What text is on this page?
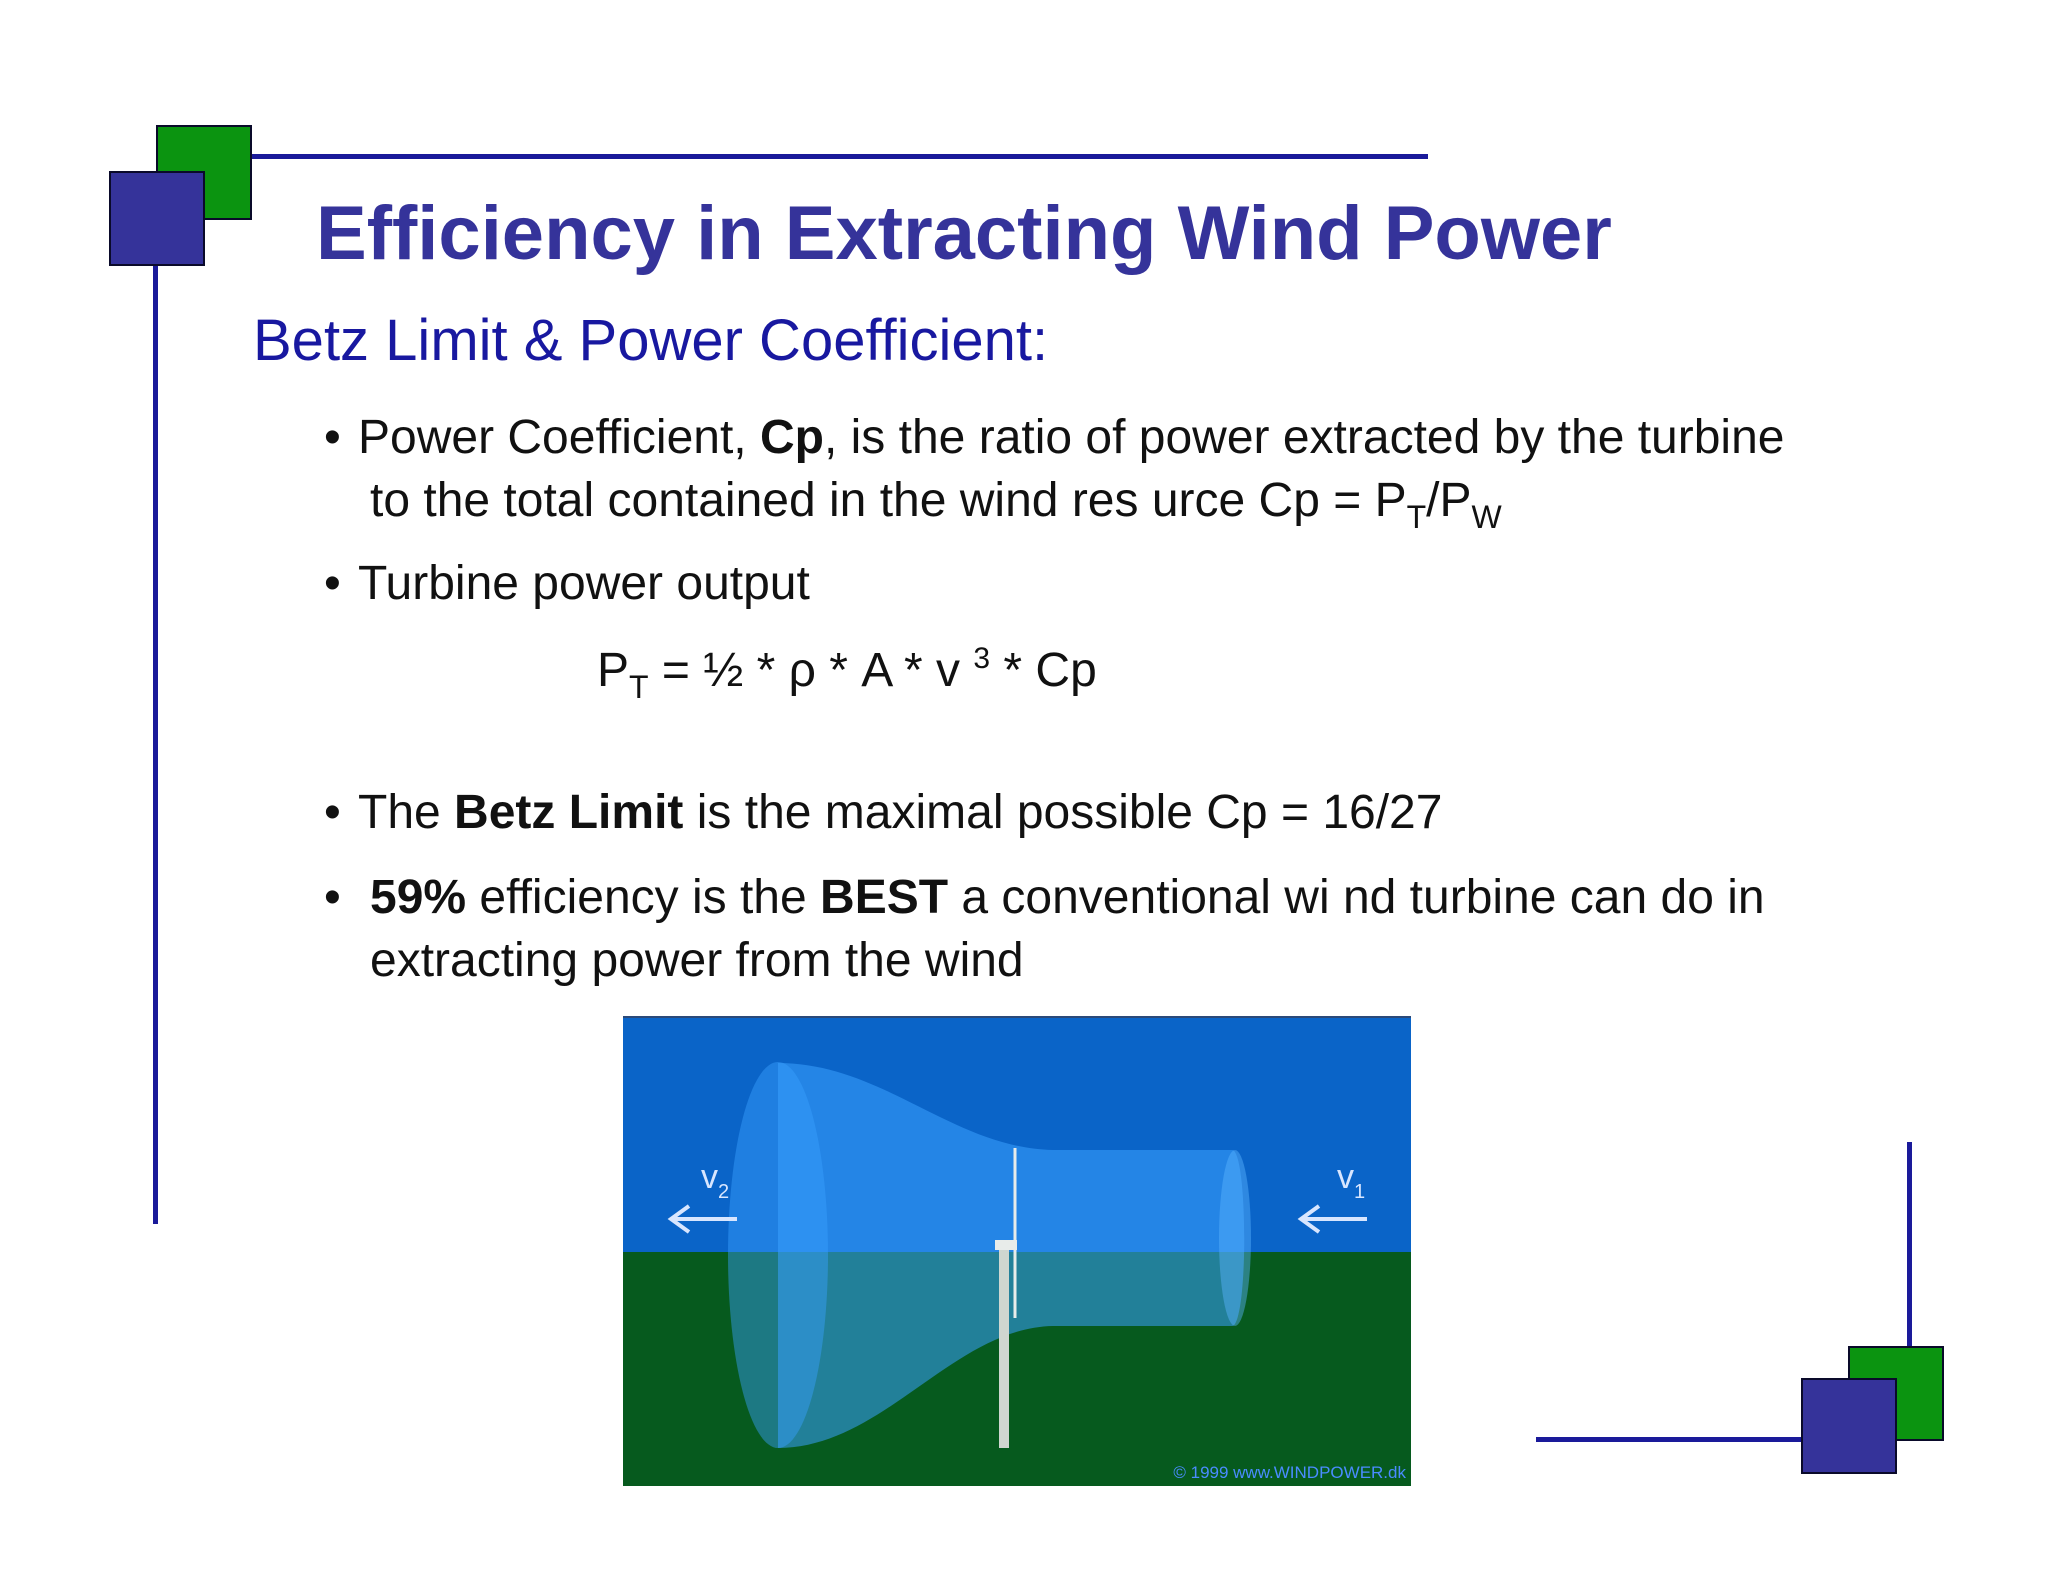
Efficiency in Extracting Wind Power
Betz Limit & Power Coefficient:
• Power Coefficient, Cp, is the ratio of power extracted by the turbine
to the total contained in the wind res urce $Cp = P_T/P_W$
• Turbine power output
$P_T$ = ½ * ρ * A * v $^3$ * Cp
• The Betz Limit is the maximal possible Cp = 16/27
• 59% efficiency is the BEST a conventional wi nd turbine can do in
extracting power from the wind
$v_2$	$v_1$
© 1999 www.WINDPOWER.dk
